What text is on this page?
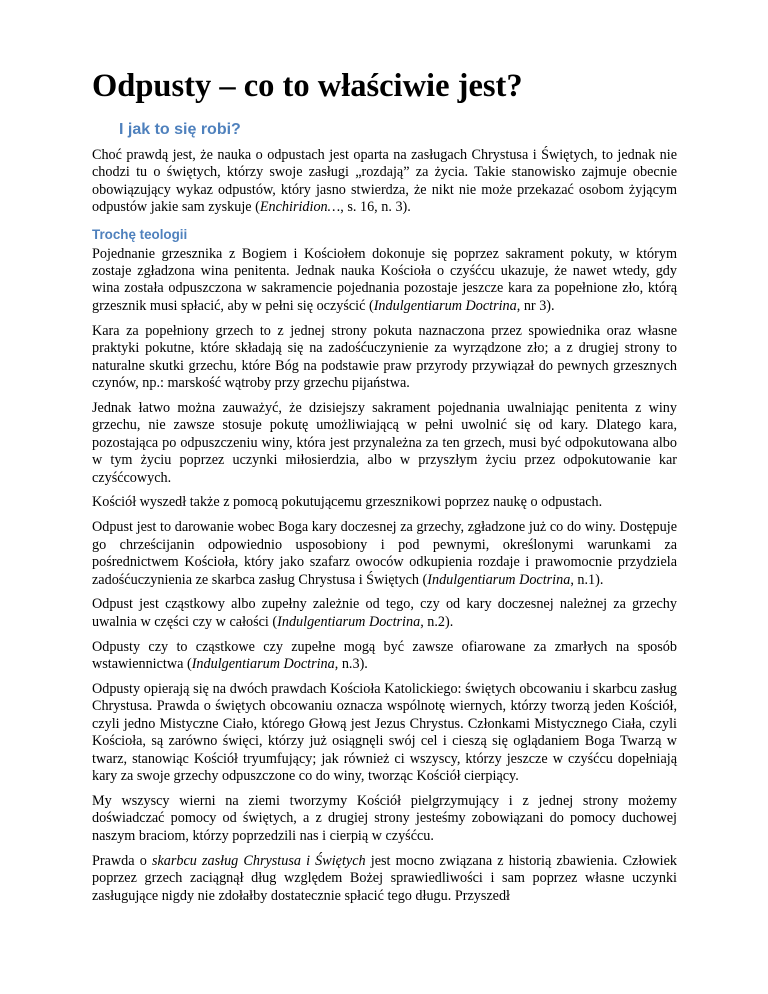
Odpusty – co to właściwie jest?
I jak to się robi?

Choć prawdą jest, że nauka o odpustach jest oparta na zasługach Chrystusa i Świętych, to jednak nie chodzi tu o świętych, którzy swoje zasługi „rozdają” za życia. Takie stanowisko zajmuje obecnie obowiązujący wykaz odpustów, który jasno stwierdza, że nikt nie może przekazać osobom żyjącym odpustów jakie sam zyskuje (Enchiridion…, s. 16, n. 3).

Trochę teologii

Pojednanie grzesznika z Bogiem i Kościołem dokonuje się poprzez sakrament pokuty, w którym zostaje zgładzona wina penitenta. Jednak nauka Kościoła o czyśćcu ukazuje, że nawet wtedy, gdy wina została odpuszczona w sakramencie pojednania pozostaje jeszcze kara za popełnione zło, którą grzesznik musi spłacić, aby w pełni się oczyścić (Indulgentiarum Doctrina, nr 3).

Kara za popełniony grzech to z jednej strony pokuta naznaczona przez spowiednika oraz własne praktyki pokutne, które składają się na zadośćuczynienie za wyrządzone zło; a z drugiej strony to naturalne skutki grzechu, które Bóg na podstawie praw przyrody przywiązał do pewnych grzesznych czynów, np.: marskość wątroby przy grzechu pijaństwa.

Jednak łatwo można zauważyć, że dzisiejszy sakrament pojednania uwalniając penitenta z winy grzechu, nie zawsze stosuje pokutę umożliwiającą w pełni uwolnić się od kary. Dlatego kara, pozostająca po odpuszczeniu winy, która jest przynależna za ten grzech, musi być odpokutowana albo w tym życiu poprzez uczynki miłosierdzia, albo w przyszłym życiu przez odpokutowanie kar czyśćcowych.

Kościół wyszedł także z pomocą pokutującemu grzesznikowi poprzez naukę o odpustach.

Odpust jest to darowanie wobec Boga kary doczesnej za grzechy, zgładzone już co do winy. Dostępuje go chrześcijanin odpowiednio usposobiony i pod pewnymi, określonymi warunkami za pośrednictwem Kościoła, który jako szafarz owoców odkupienia rozdaje i prawomocnie przydziela zadośćuczynienia ze skarbca zasług Chrystusa i Świętych (Indulgentiarum Doctrina, n.1).

Odpust jest cząstkowy albo zupełny zależnie od tego, czy od kary doczesnej należnej za grzechy uwalnia w części czy w całości (Indulgentiarum Doctrina, n.2).

Odpusty czy to cząstkowe czy zupełne mogą być zawsze ofiarowane za zmarłych na sposób wstawiennictwa (Indulgentiarum Doctrina, n.3).

Odpusty opierają się na dwóch prawdach Kościoła Katolickiego: świętych obcowaniu i skarbcu zasług Chrystusa. Prawda o świętych obcowaniu oznacza wspólnotę wiernych, którzy tworzą jeden Kościół, czyli jedno Mistyczne Ciało, którego Głową jest Jezus Chrystus. Członkami Mistycznego Ciała, czyli Kościoła, są zarówno święci, którzy już osiągnęli swój cel i cieszą się oglądaniem Boga Twarzą w twarz, stanowiąc Kościół tryumfujący; jak również ci wszyscy, którzy jeszcze w czyśćcu dopełniają kary za swoje grzechy odpuszczone co do winy, tworząc Kościół cierpiący.

My wszyscy wierni na ziemi tworzymy Kościół pielgrzymujący i z jednej strony możemy doświadczać pomocy od świętych, a z drugiej strony jesteśmy zobowiązani do pomocy duchowej naszym braciom, którzy poprzedzili nas i cierpią w czyśćcu.

Prawda o skarbcu zasług Chrystusa i Świętych jest mocno związana z historią zbawienia. Człowiek poprzez grzech zaciągnął dług względem Bożej sprawiedliwości i sam poprzez własne uczynki zasługujące nigdy nie zdołałby dostatecznie spłacić tego długu. Przyszedł
